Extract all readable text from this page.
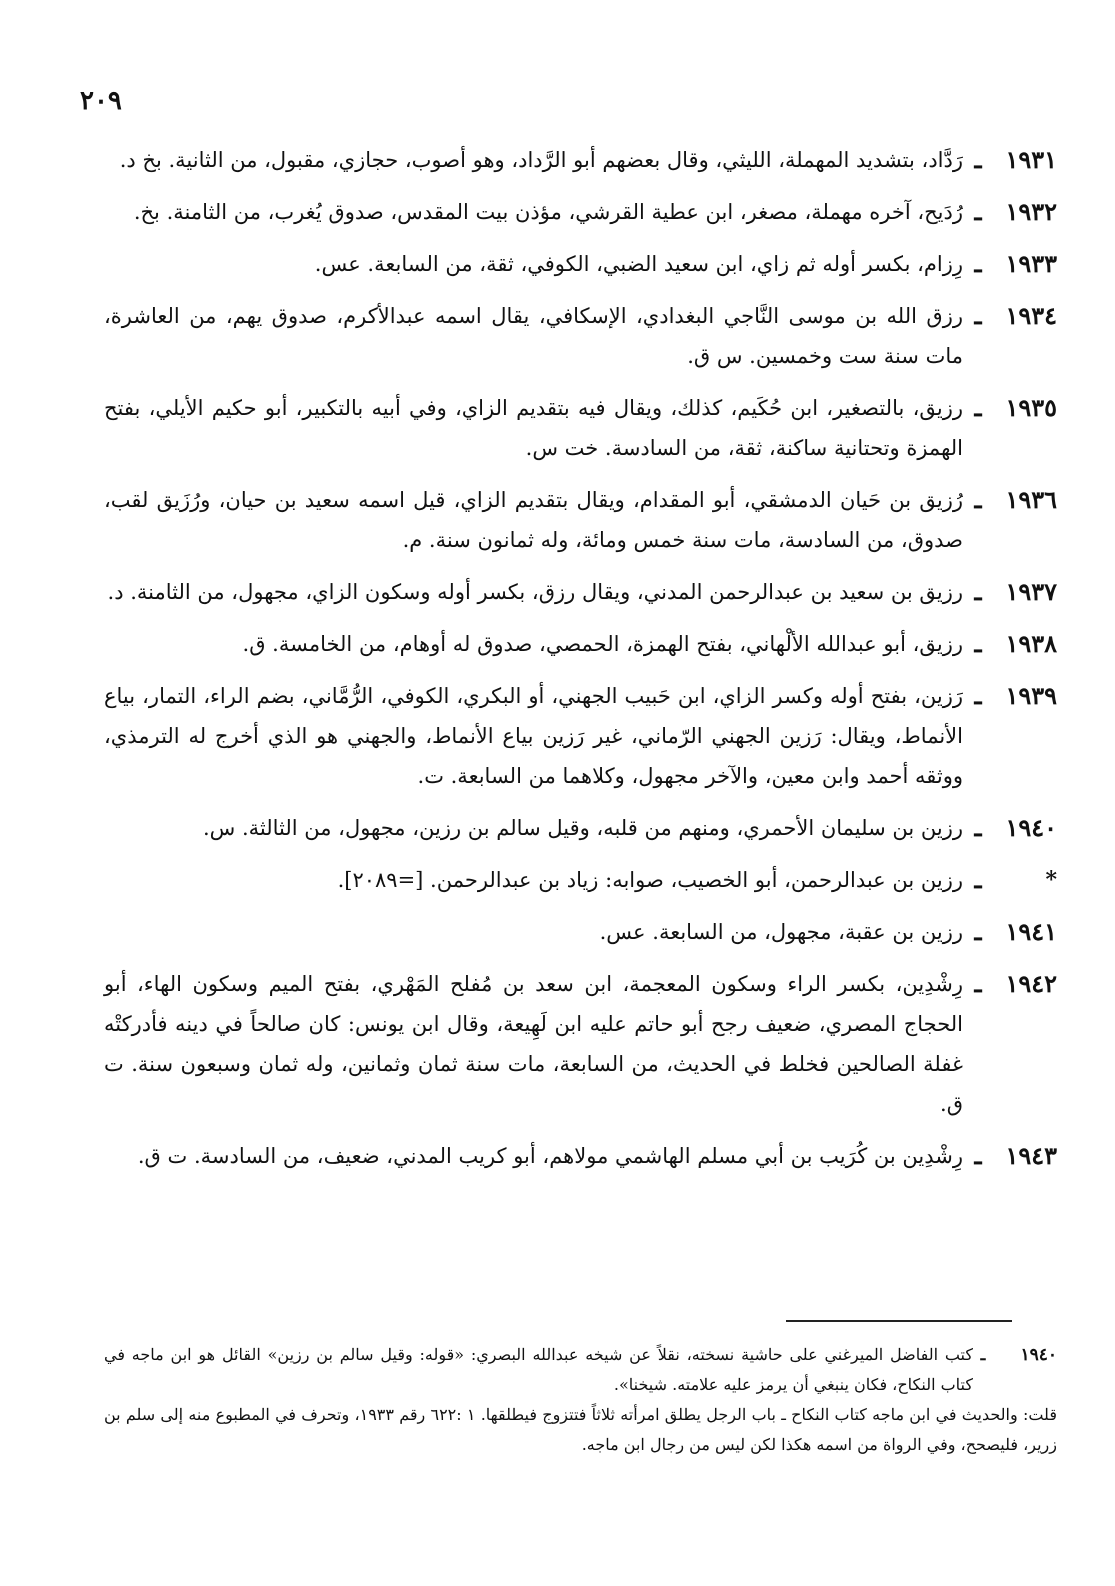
٢٠٩
١٩٣١
ـ
رَدَّاد، بتشديد المهملة، الليثي، وقال بعضهم أبو الرَّداد، وهو أصوب، حجازي، مقبول، من الثانية. بخ د.
١٩٣٢
ـ
رُدَيح، آخره مهملة، مصغر، ابن عطية القرشي، مؤذن بيت المقدس، صدوق يُغرب، من الثامنة. بخ.
١٩٣٣
ـ
رِزام، بكسر أوله ثم زاي، ابن سعيد الضبي، الكوفي، ثقة، من السابعة. عس.
١٩٣٤
ـ
رزق الله بن موسى النَّاجي البغدادي، الإسكافي، يقال اسمه عبدالأكرم، صدوق يهم، من العاشرة، مات سنة ست وخمسين. س ق.
١٩٣٥
ـ
رزيق، بالتصغير، ابن حُكَيم، كذلك، ويقال فيه بتقديم الزاي، وفي أبيه بالتكبير، أبو حكيم الأيلي، بفتح الهمزة وتحتانية ساكنة، ثقة، من السادسة. خت س.
١٩٣٦
ـ
رُزيق بن حَيان الدمشقي، أبو المقدام، ويقال بتقديم الزاي، قيل اسمه سعيد بن حيان، ورُزَيق لقب، صدوق، من السادسة، مات سنة خمس ومائة، وله ثمانون سنة. م.
١٩٣٧
ـ
رزيق بن سعيد بن عبدالرحمن المدني، ويقال رزق، بكسر أوله وسكون الزاي، مجهول، من الثامنة. د.
١٩٣٨
ـ
رزيق، أبو عبدالله الألْهاني، بفتح الهمزة، الحمصي، صدوق له أوهام، من الخامسة. ق.
١٩٣٩
ـ
رَزين، بفتح أوله وكسر الزاي، ابن حَبيب الجهني، أو البكري، الكوفي، الرُّمَّاني، بضم الراء، التمار، بياع الأنماط، ويقال: رَزين الجهني الرّماني، غير رَزين بياع الأنماط، والجهني هو الذي أخرج له الترمذي، ووثقه أحمد وابن معين، والآخر مجهول، وكلاهما من السابعة. ت.
١٩٤٠
ـ
رزين بن سليمان الأحمري، ومنهم من قلبه، وقيل سالم بن رزين، مجهول، من الثالثة. س.
*
ـ
رزين بن عبدالرحمن، أبو الخصيب، صوابه: زياد بن عبدالرحمن. [=٢٠٨٩].
١٩٤١
ـ
رزين بن عقبة، مجهول، من السابعة. عس.
١٩٤٢
ـ
رِشْدِين، بكسر الراء وسكون المعجمة، ابن سعد بن مُفلح المَهْري، بفتح الميم وسكون الهاء، أبو الحجاج المصري، ضعيف رجح أبو حاتم عليه ابن لَهِيعة، وقال ابن يونس: كان صالحاً في دينه فأدركتْه غفلة الصالحين فخلط في الحديث، من السابعة، مات سنة ثمان وثمانين، وله ثمان وسبعون سنة. ت ق.
١٩٤٣
ـ
رِشْدِين بن كُرَيب بن أبي مسلم الهاشمي مولاهم، أبو كريب المدني، ضعيف، من السادسة. ت ق.
١٩٤٠
ـ
كتب الفاضل الميرغني على حاشية نسخته، نقلاً عن شيخه عبدالله البصري: «قوله: وقيل سالم بن رزين» القائل هو ابن ماجه في كتاب النكاح، فكان ينبغي أن يرمز عليه علامته. شيخنا».
قلت: والحديث في ابن ماجه كتاب النكاح ـ باب الرجل يطلق امرأته ثلاثاً فتتزوج فيطلقها. ١ :٦٢٢ رقم ١٩٣٣، وتحرف في المطبوع منه إلى سلم بن زرير، فليصحح، وفي الرواة من اسمه هكذا لكن ليس من رجال ابن ماجه.
